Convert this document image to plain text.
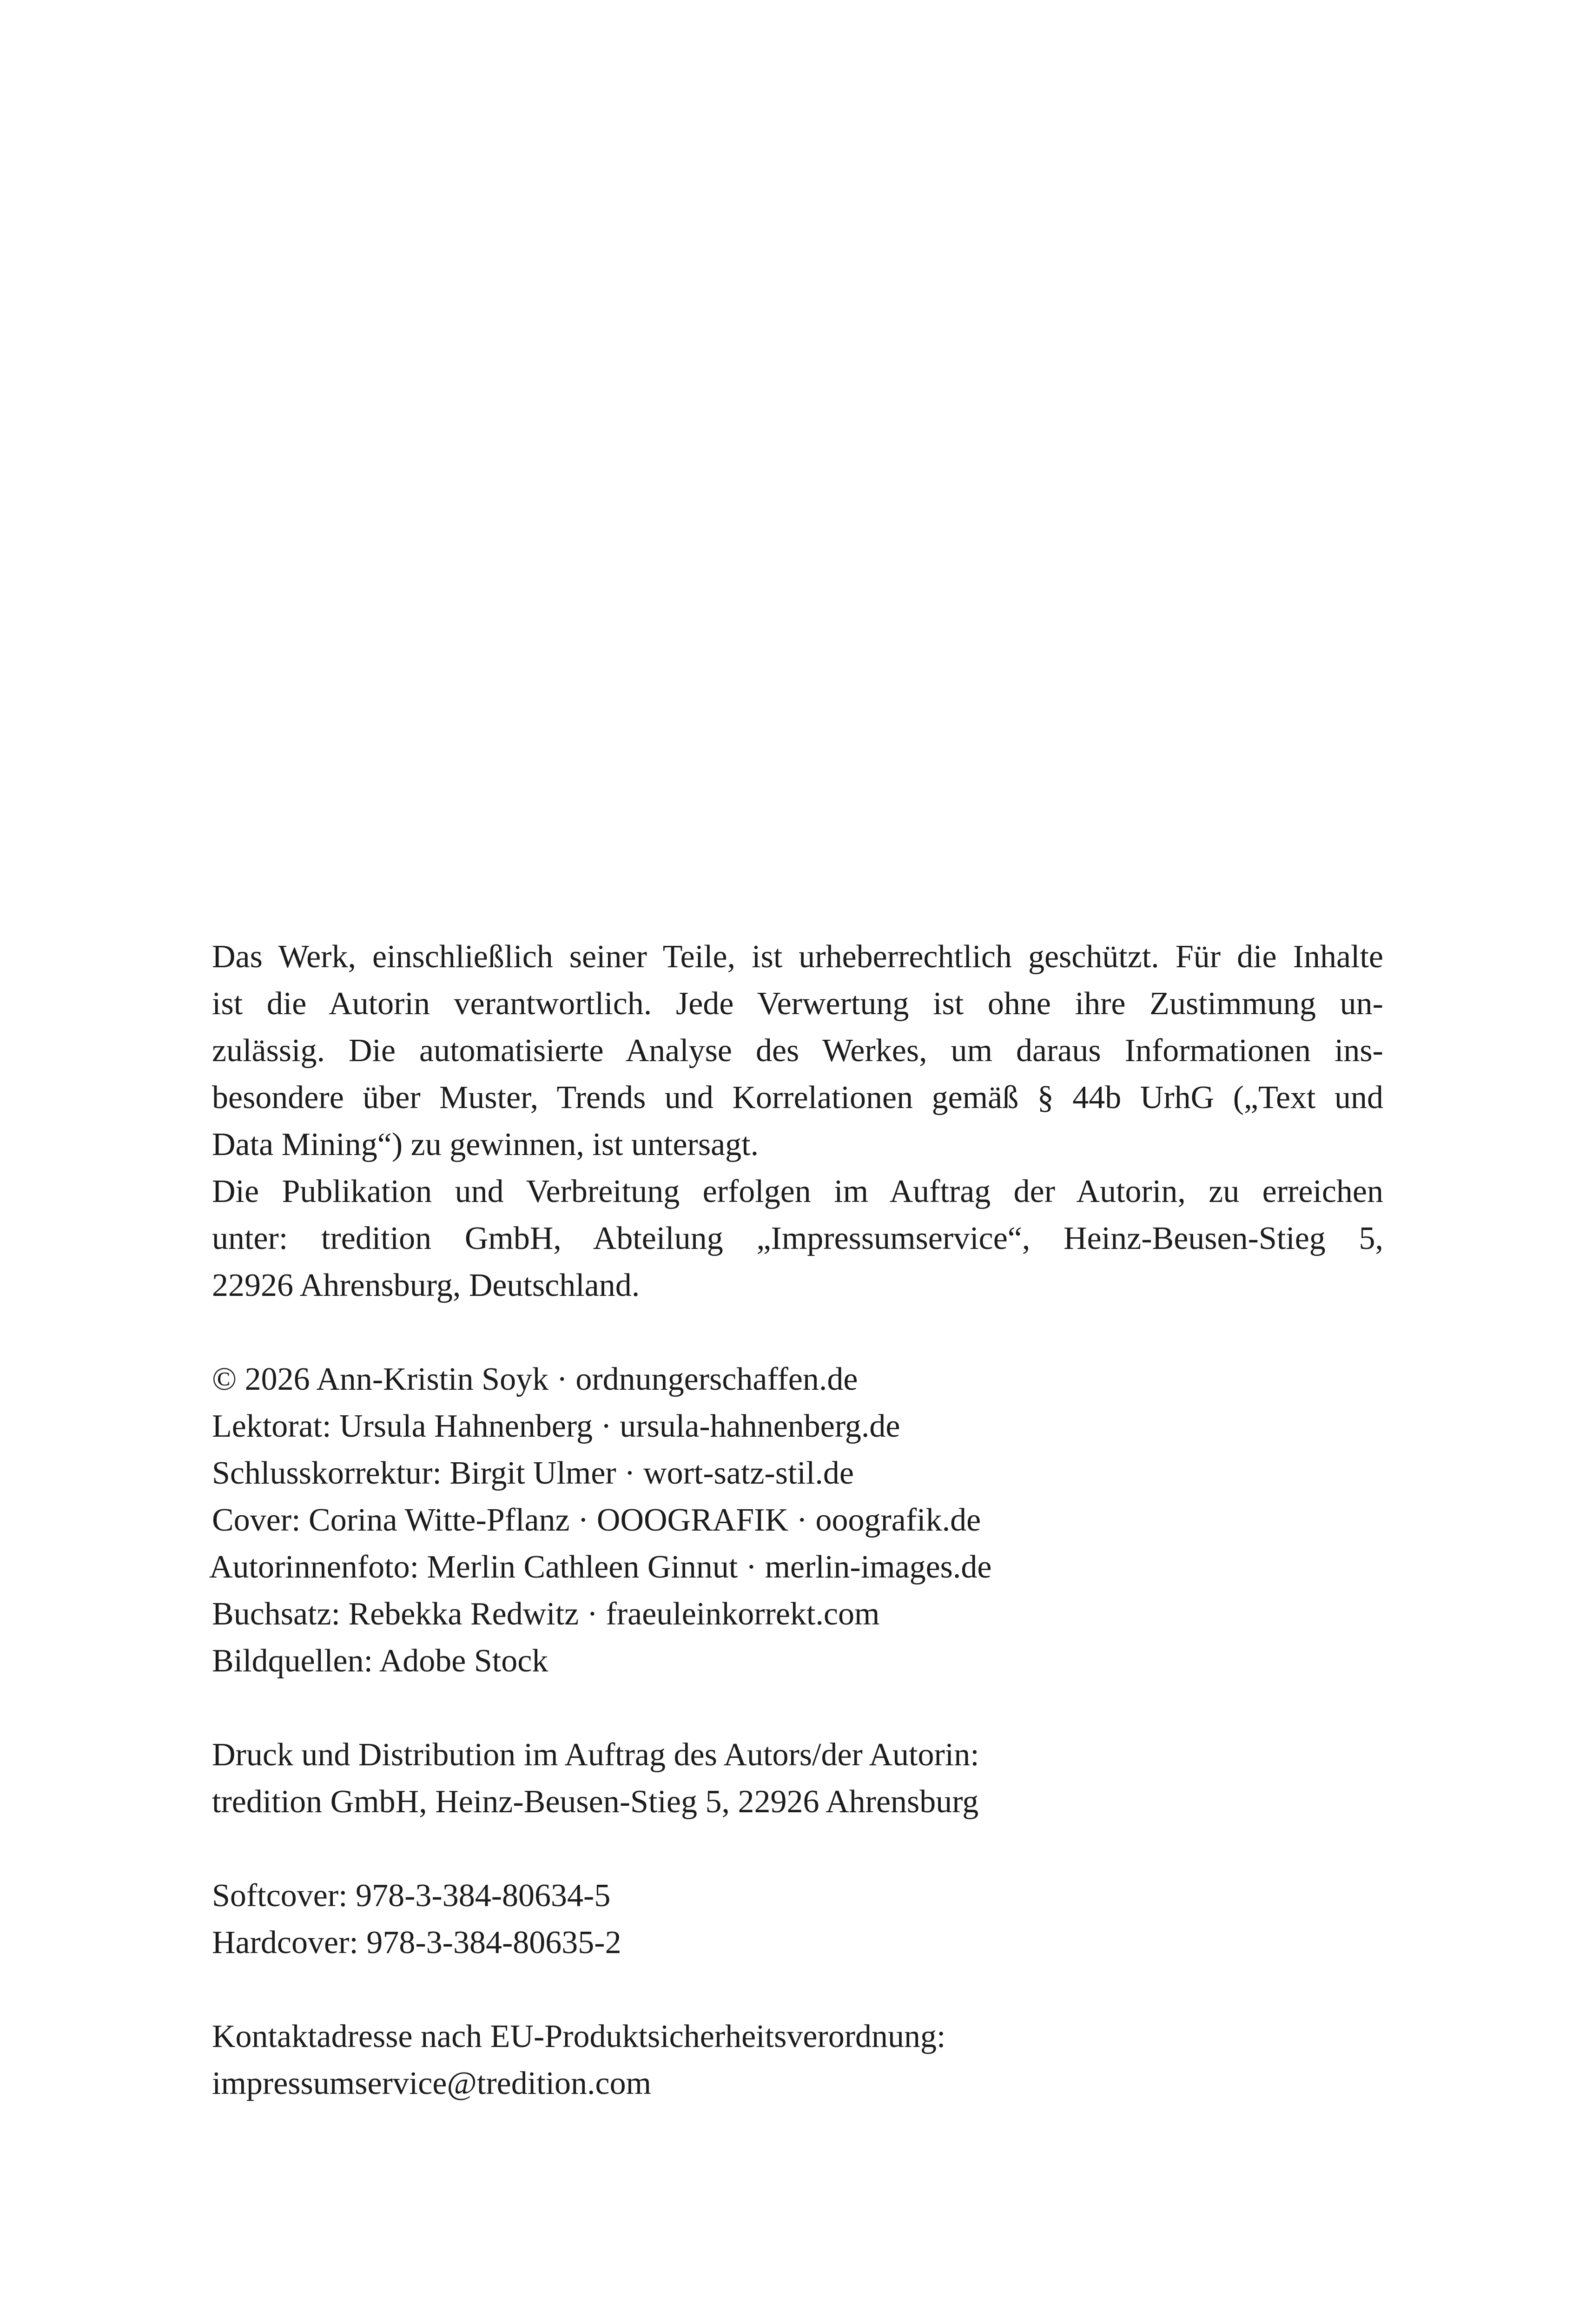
Das Werk, einschließlich seiner Teile, ist urheberrechtlich geschützt. Für die Inhalte
ist die Autorin verantwortlich. Jede Verwertung ist ohne ihre Zustimmung un-
zulässig. Die automatisierte Analyse des Werkes, um daraus Informationen ins-
besondere über Muster, Trends und Korrelationen gemäß § 44b UrhG („Text und
Data Mining“) zu gewinnen, ist untersagt.
Die Publikation und Verbreitung erfolgen im Auftrag der Autorin, zu erreichen
unter: tredition GmbH, Abteilung „Impressumservice“, Heinz-Beusen-Stieg 5,
22926 Ahrensburg, Deutschland.
© 2026 Ann-Kristin Soyk · ordnungerschaffen.de
Lektorat: Ursula Hahnenberg · ursula-hahnenberg.de
Schlusskorrektur: Birgit Ulmer · wort-satz-stil.de
Cover: Corina Witte-Pflanz · OOOGRAFIK · ooografik.de
Autorinnenfoto: Merlin Cathleen Ginnut · merlin-images.de
Buchsatz: Rebekka Redwitz · fraeuleinkorrekt.com
Bildquellen: Adobe Stock
Druck und Distribution im Auftrag des Autors/der Autorin:
tredition GmbH, Heinz-Beusen-Stieg 5, 22926 Ahrensburg
Softcover: 978-3-384-80634-5
Hardcover: 978-3-384-80635-2
Kontaktadresse nach EU-Produktsicherheitsverordnung:
impressumservice@tredition.com
